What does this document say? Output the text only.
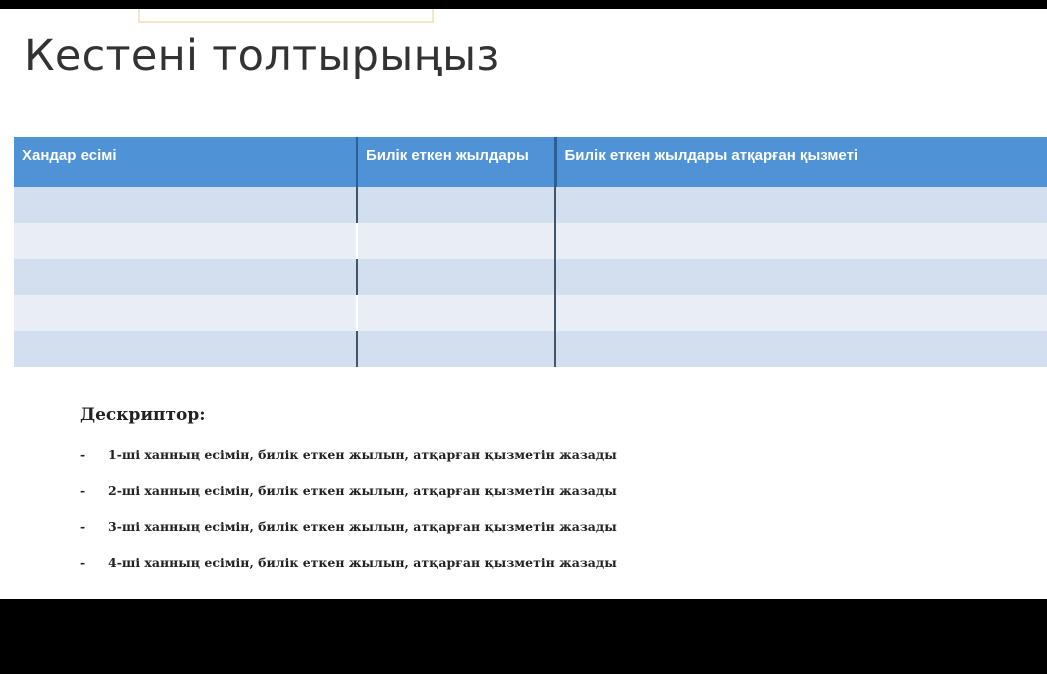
Кестені толтырыңыз
Хандар есімі	Билік еткен жылдары	Билік еткен жылдары атқарған қызметі

Дескриптор:
- 1-ші ханның есімін, билік еткен жылын, атқарған қызметін жазады
- 2-ші ханның есімін, билік еткен жылын, атқарған қызметін жазады
- 3-ші ханның есімін, билік еткен жылын, атқарған қызметін жазады
- 4-ші ханның есімін, билік еткен жылын, атқарған қызметін жазады
